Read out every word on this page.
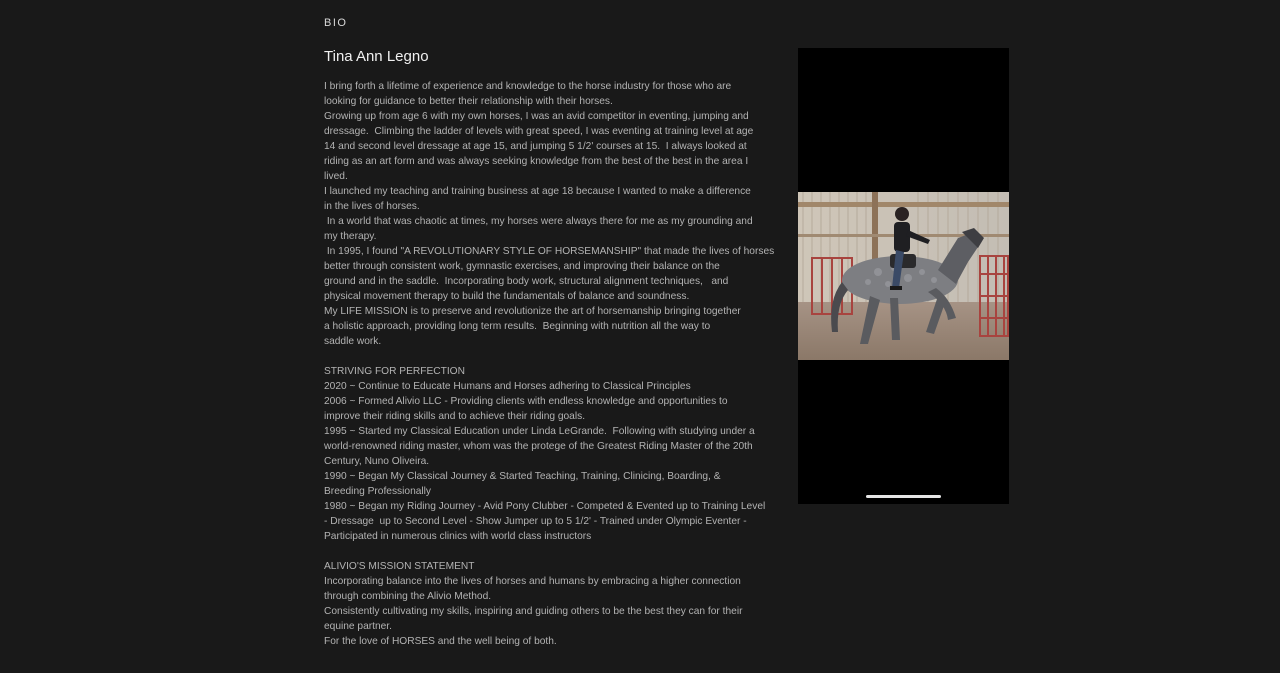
BIO
Tina Ann Legno
I bring forth a lifetime of experience and knowledge to the horse industry for those who are
looking for guidance to better their relationship with their horses.
Growing up from age 6 with my own horses, I was an avid competitor in eventing, jumping and
dressage.  Climbing the ladder of levels with great speed, I was eventing at training level at age
14 and second level dressage at age 15, and jumping 5 1/2' courses at 15.  I always looked at
riding as an art form and was always seeking knowledge from the best of the best in the area I
lived.
I launched my teaching and training business at age 18 because I wanted to make a difference
in the lives of horses.
In a world that was chaotic at times, my horses were always there for me as my grounding and
my therapy.
In 1995, I found "A REVOLUTIONARY STYLE OF HORSEMANSHIP" that made the lives of horses
better through consistent work, gymnastic exercises, and improving their balance on the
ground and in the saddle.  Incorporating body work, structural alignment techniques,   and
physical movement therapy to build the fundamentals of balance and soundness.
My LIFE MISSION is to preserve and revolutionize the art of horsemanship bringing together
a holistic approach, providing long term results.  Beginning with nutrition all the way to
saddle work.
STRIVING FOR PERFECTION
2020 ~ Continue to Educate Humans and Horses adhering to Classical Principles
2006 ~ Formed Alivio LLC - Providing clients with endless knowledge and opportunities to
improve their riding skills and to achieve their riding goals.
1995 ~ Started my Classical Education under Linda LeGrande.  Following with studying under a
world-renowned riding master, whom was the protege of the Greatest Riding Master of the 20th
Century, Nuno Oliveira.
1990 ~ Began My Classical Journey & Started Teaching, Training, Clinicing, Boarding, &
Breeding Professionally
1980 ~ Began my Riding Journey - Avid Pony Clubber - Competed & Evented up to Training Level
- Dressage  up to Second Level - Show Jumper up to 5 1/2' - Trained under Olympic Eventer -
Participated in numerous clinics with world class instructors
ALIVIO'S MISSION STATEMENT
Incorporating balance into the lives of horses and humans by embracing a higher connection
through combining the Alivio Method.
Consistently cultivating my skills, inspiring and guiding others to be the best they can for their
equine partner.
For the love of HORSES and the well being of both.
